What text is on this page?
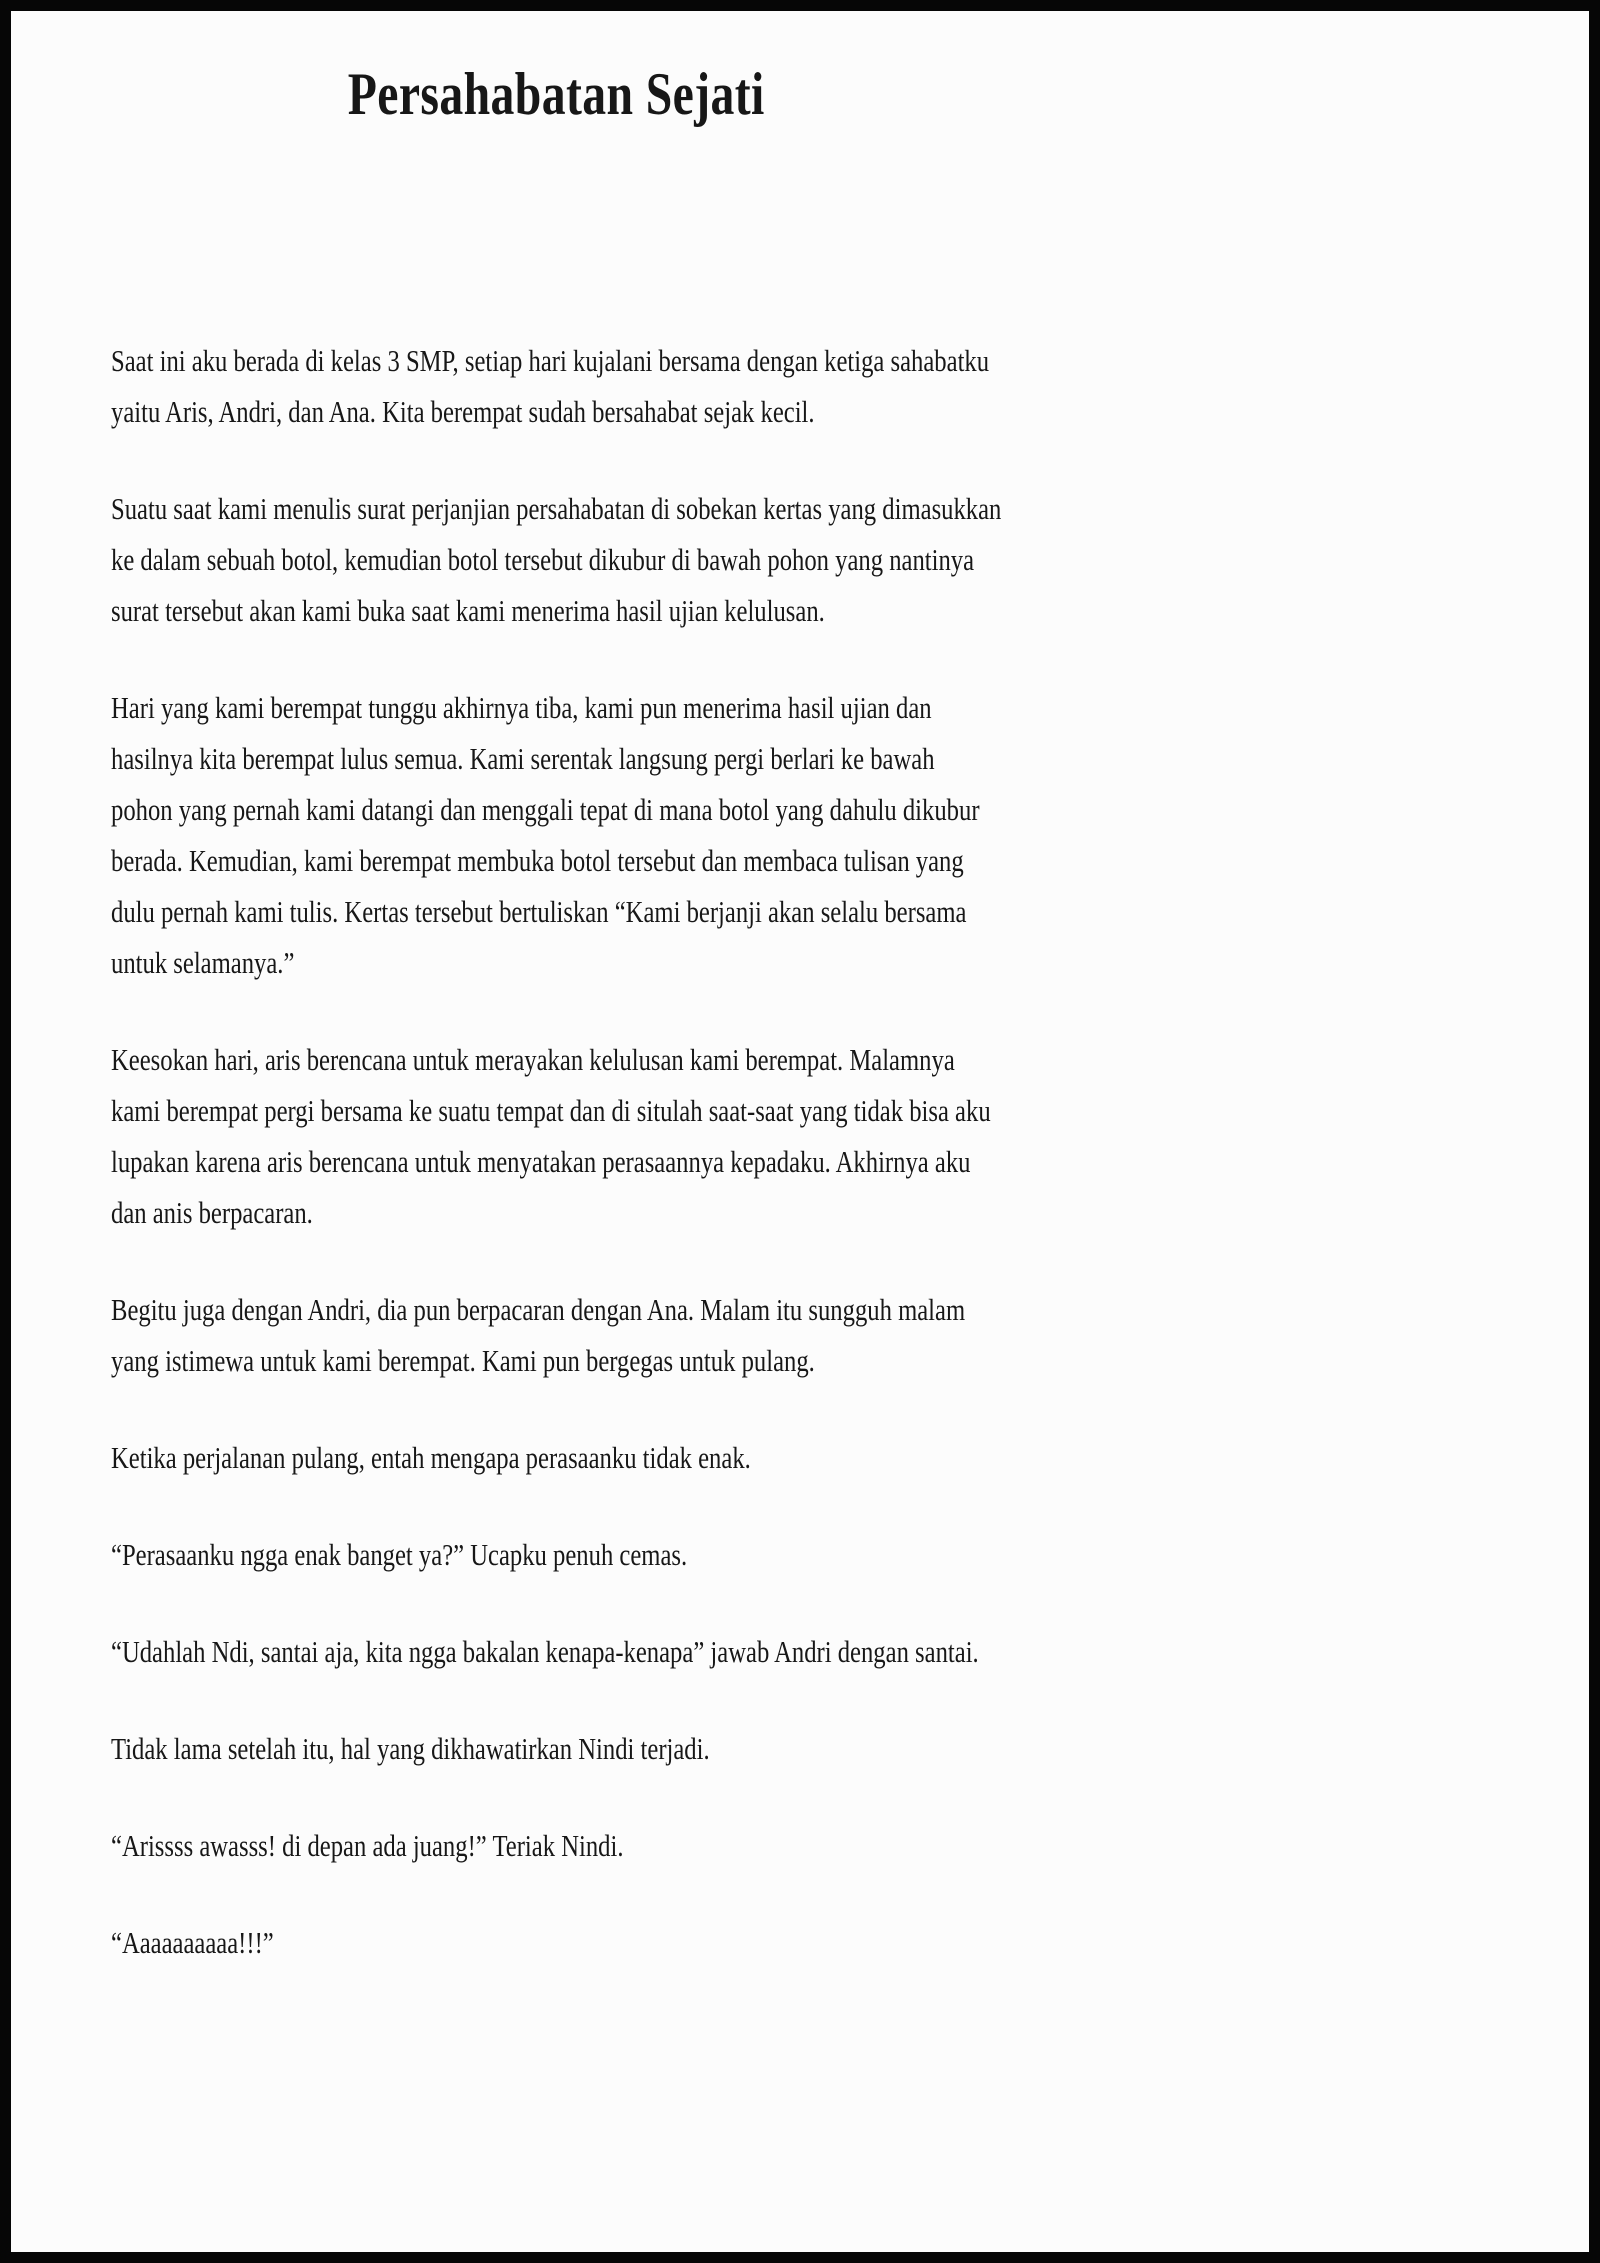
Persahabatan Sejati

Saat ini aku berada di kelas 3 SMP, setiap hari kujalani bersama dengan ketiga sahabatku yaitu Aris, Andri, dan Ana. Kita berempat sudah bersahabat sejak kecil.

Suatu saat kami menulis surat perjanjian persahabatan di sobekan kertas yang dimasukkan ke dalam sebuah botol, kemudian botol tersebut dikubur di bawah pohon yang nantinya surat tersebut akan kami buka saat kami menerima hasil ujian kelulusan.

Hari yang kami berempat tunggu akhirnya tiba, kami pun menerima hasil ujian dan hasilnya kita berempat lulus semua. Kami serentak langsung pergi berlari ke bawah pohon yang pernah kami datangi dan menggali tepat di mana botol yang dahulu dikubur berada. Kemudian, kami berempat membuka botol tersebut dan membaca tulisan yang dulu pernah kami tulis. Kertas tersebut bertuliskan “Kami berjanji akan selalu bersama untuk selamanya.”

Keesokan hari, aris berencana untuk merayakan kelulusan kami berempat. Malamnya kami berempat pergi bersama ke suatu tempat dan di situlah saat-saat yang tidak bisa aku lupakan karena aris berencana untuk menyatakan perasaannya kepadaku. Akhirnya aku dan anis berpacaran.

Begitu juga dengan Andri, dia pun berpacaran dengan Ana. Malam itu sungguh malam yang istimewa untuk kami berempat. Kami pun bergegas untuk pulang.

Ketika perjalanan pulang, entah mengapa perasaanku tidak enak.

“Perasaanku ngga enak banget ya?” Ucapku penuh cemas.

“Udahlah Ndi, santai aja, kita ngga bakalan kenapa-kenapa” jawab Andri dengan santai.

Tidak lama setelah itu, hal yang dikhawatirkan Nindi terjadi.

“Arissss awasss! di depan ada juang!” Teriak Nindi.

“Aaaaaaaaaa!!!”
